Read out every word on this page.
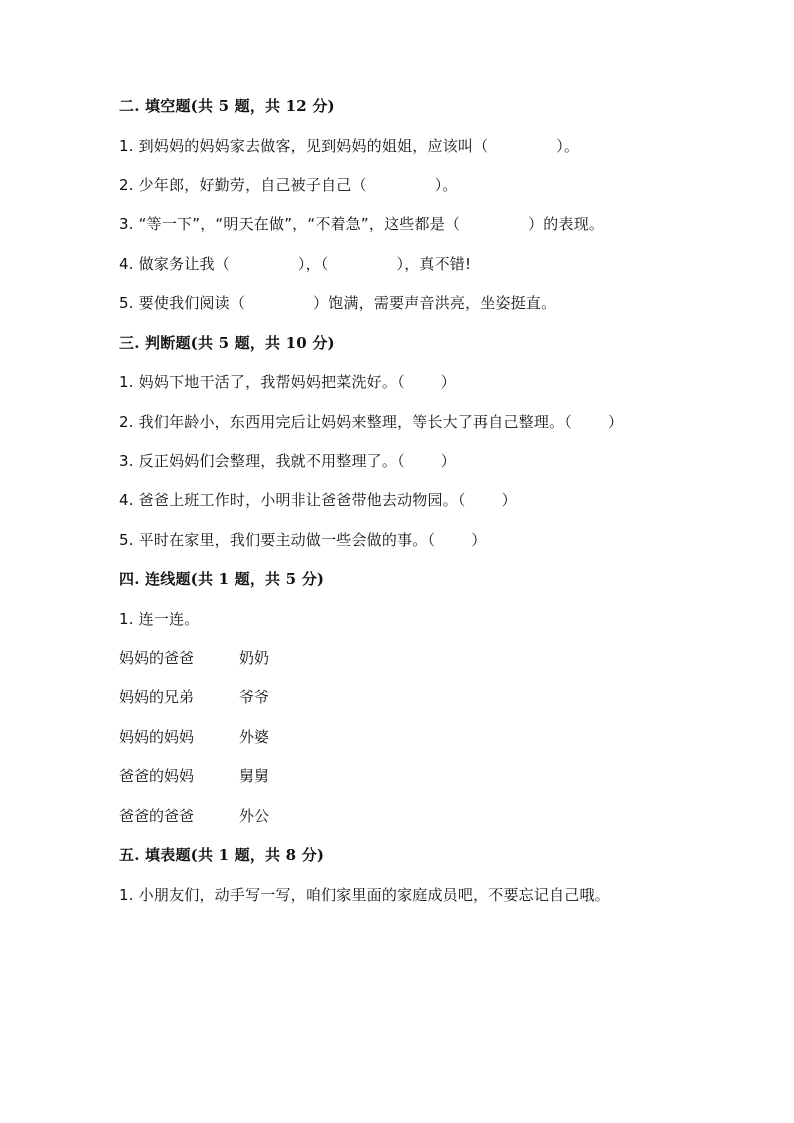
二. 填空题(共 5 题，共 12 分)
1. 到妈妈的妈妈家去做客，见到妈妈的姐姐，应该叫（	）。
2. 少年郎，好勤劳，自己被子自己（	）。
3. “等一下”，“明天在做”，“不着急”，这些都是（	）的表现。
4. 做家务让我（	），（	），真不错!
5. 要使我们阅读（	）饱满，需要声音洪亮，坐姿挺直。
三. 判断题(共 5 题，共 10 分)
1. 妈妈下地干活了，我帮妈妈把菜洗好。（ ）
2. 我们年龄小，东西用完后让妈妈来整理，等长大了再自己整理。（ ）
3. 反正妈妈们会整理，我就不用整理了。（ ）
4. 爸爸上班工作时，小明非让爸爸带他去动物园。（ ）
5. 平时在家里，我们要主动做一些会做的事。（ ）
四. 连线题(共 1 题，共 5 分)
1. 连一连。
妈妈的爸爸	奶奶
妈妈的兄弟	爷爷
妈妈的妈妈	外婆
爸爸的妈妈	舅舅
爸爸的爸爸	外公
五. 填表题(共 1 题，共 8 分)
1. 小朋友们，动手写一写，咱们家里面的家庭成员吧，不要忘记自己哦。
